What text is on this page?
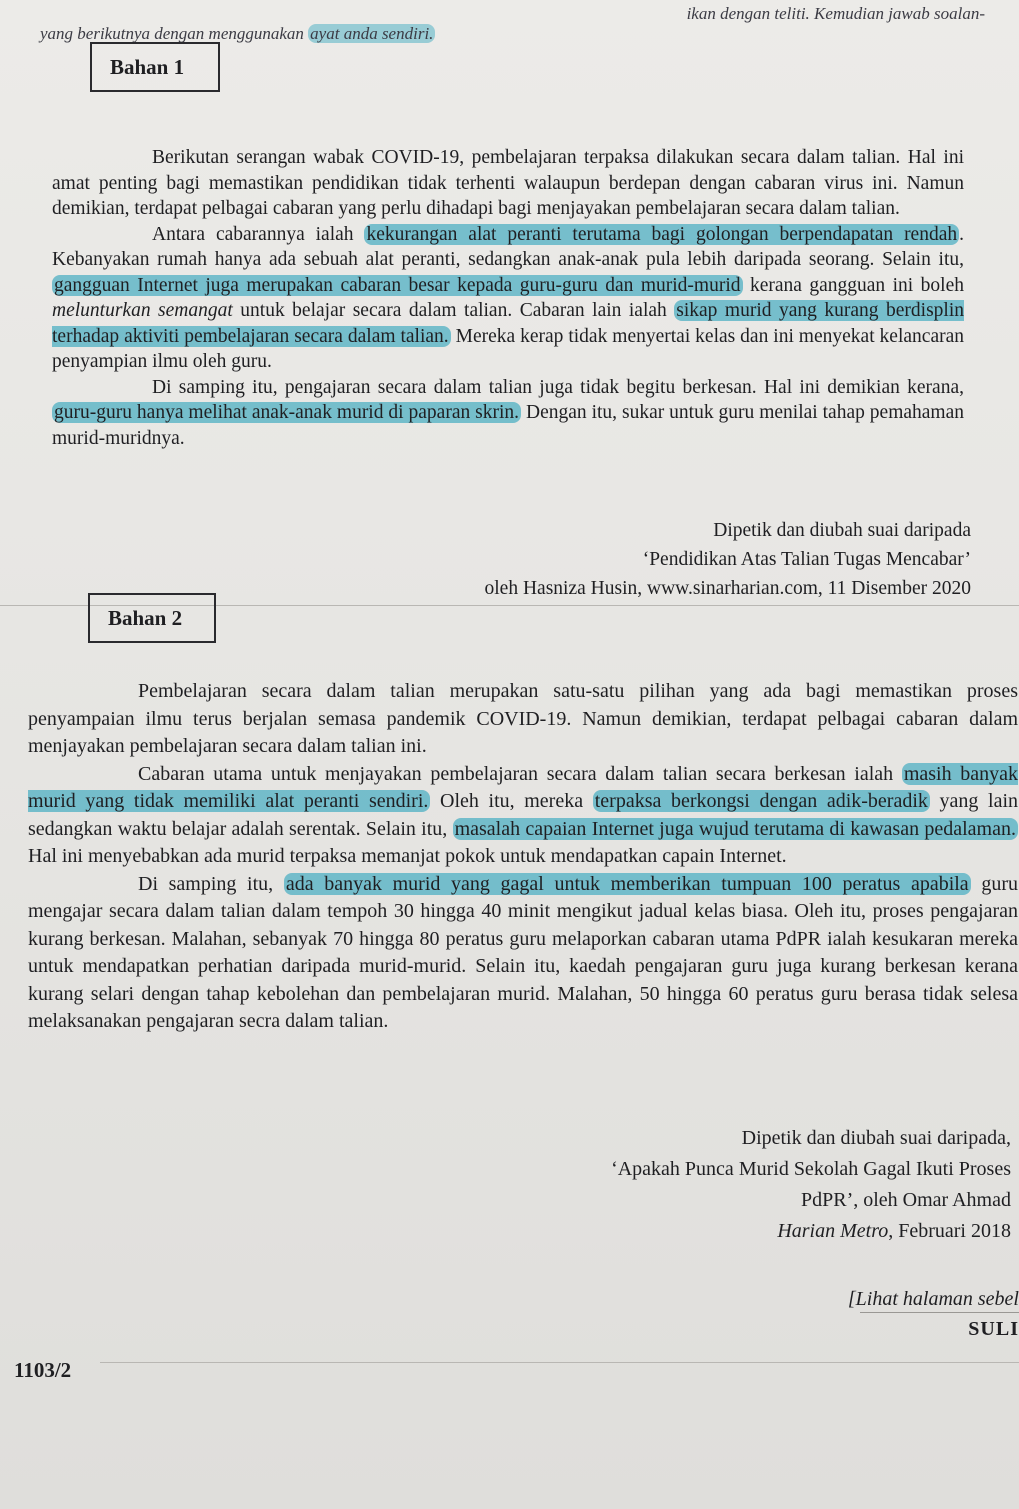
ikan dengan teliti. Kemudian jawab soalan-
yang berikutnya dengan menggunakan ayat anda sendiri.
Bahan 1

Berikutan serangan wabak COVID-19, pembelajaran terpaksa dilakukan secara dalam talian. Hal ini amat penting bagi memastikan pendidikan tidak terhenti walaupun berdepan dengan cabaran virus ini. Namun demikian, terdapat pelbagai cabaran yang perlu dihadapi bagi menjayakan pembelajaran secara dalam talian.

Antara cabarannya ialah kekurangan alat peranti terutama bagi golongan berpendapatan rendah . Kebanyakan rumah hanya ada sebuah alat peranti, sedangkan anak-anak pula lebih daripada seorang. Selain itu, gangguan Internet juga merupakan cabaran besar kepada guru-guru dan murid-murid kerana gangguan ini boleh melunturkan semangat untuk belajar secara dalam talian. Cabaran lain ialah sikap murid yang kurang berdisplin terhadap aktiviti pembelajaran secara dalam talian. Mereka kerap tidak menyertai kelas dan ini menyekat kelancaran penyampian ilmu oleh guru.

Di samping itu, pengajaran secara dalam talian juga tidak begitu berkesan. Hal ini demikian kerana, guru-guru hanya melihat anak-anak murid di paparan skrin. Dengan itu, sukar untuk guru menilai tahap pemahaman murid-muridnya.

Dipetik dan diubah suai daripada
‘Pendidikan Atas Talian Tugas Mencabar’
oleh Hasniza Husin, www.sinarharian.com, 11 Disember 2020
Bahan 2

Pembelajaran secara dalam talian merupakan satu-satu pilihan yang ada bagi memastikan proses penyampaian ilmu terus berjalan semasa pandemik COVID-19. Namun demikian, terdapat pelbagai cabaran dalam menjayakan pembelajaran secara dalam talian ini.

Cabaran utama untuk menjayakan pembelajaran secara dalam talian secara berkesan ialah masih banyak murid yang tidak memiliki alat peranti sendiri. Oleh itu, mereka terpaksa berkongsi dengan adik-beradik yang lain sedangkan waktu belajar adalah serentak. Selain itu, masalah capaian Internet juga wujud terutama di kawasan pedalaman. Hal ini menyebabkan ada murid terpaksa memanjat pokok untuk mendapatkan capain Internet.

Di samping itu, ada banyak murid yang gagal untuk memberikan tumpuan 100 peratus apabila guru mengajar secara dalam talian dalam tempoh 30 hingga 40 minit mengikut jadual kelas biasa. Oleh itu, proses pengajaran kurang berkesan. Malahan, sebanyak 70 hingga 80 peratus guru melaporkan cabaran utama PdPR ialah kesukaran mereka untuk mendapatkan perhatian daripada murid-murid. Selain itu, kaedah pengajaran guru juga kurang berkesan kerana kurang selari dengan tahap kebolehan dan pembelajaran murid. Malahan, 50 hingga 60 peratus guru berasa tidak selesa melaksanakan pengajaran secra dalam talian.

Dipetik dan diubah suai daripada,
‘Apakah Punca Murid Sekolah Gagal Ikuti Proses
PdPR’, oleh Omar Ahmad
Harian Metro, Februari 2018
[Lihat halaman sebel
SULI
1103/2
